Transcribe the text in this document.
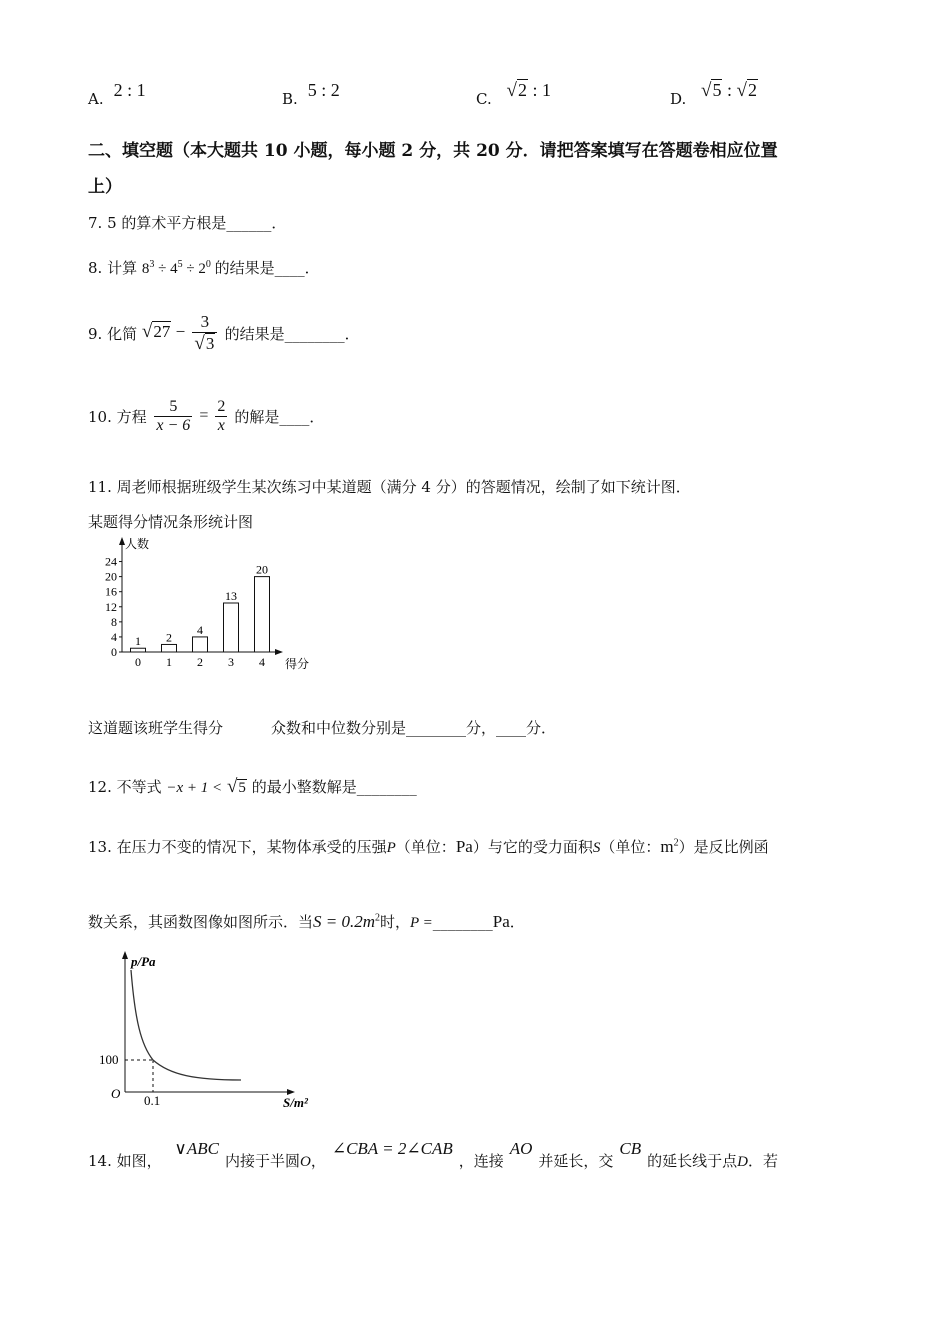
A. 2 : 1	B. 5 : 2	C. √2 : 1	D. √5 : √2
二、填空题（本大题共 10 小题，每小题 2 分，共 20 分．请把答案填写在答题卷相应位置
上）
7. 5 的算术平方根是______．
8. 计算 $8^3 \div 4^5 \div 2^0$ 的结果是____．
9. 化简 $√27 - \frac{3}{√3}$ 的结果是________．
10. 方程 $\frac{5}{x - 6} = \frac{2}{x}$ 的解是____．
11. 周老师根据班级学生某次练习中某道题（满分 4 分）的答题情况，绘制了如下统计图．
某题得分情况条形统计图
人数
得分
0
4
8
12
16
20
24
1
0
2
1
4
2
13
3
20
4
这道题该班学生得分	众数和中位数分别是________分，____分．
12. 不等式 −x + 1 < √5 的最小整数解是________
13. 在压力不变的情况下，某物体承受的压强P（单位：Pa）与它的受力面积S（单位：$m^2$）是反比例函
数关系，其函数图像如图所示．当$S = 0.2m^2$时，P =________Pa．
p/Pa
S/m²
O
100
0.1
14. 如图， ∨ABC内接于半圆O，∠CBA = 2∠CAB，连接AO并延长，交CB的延长线于点D．若
